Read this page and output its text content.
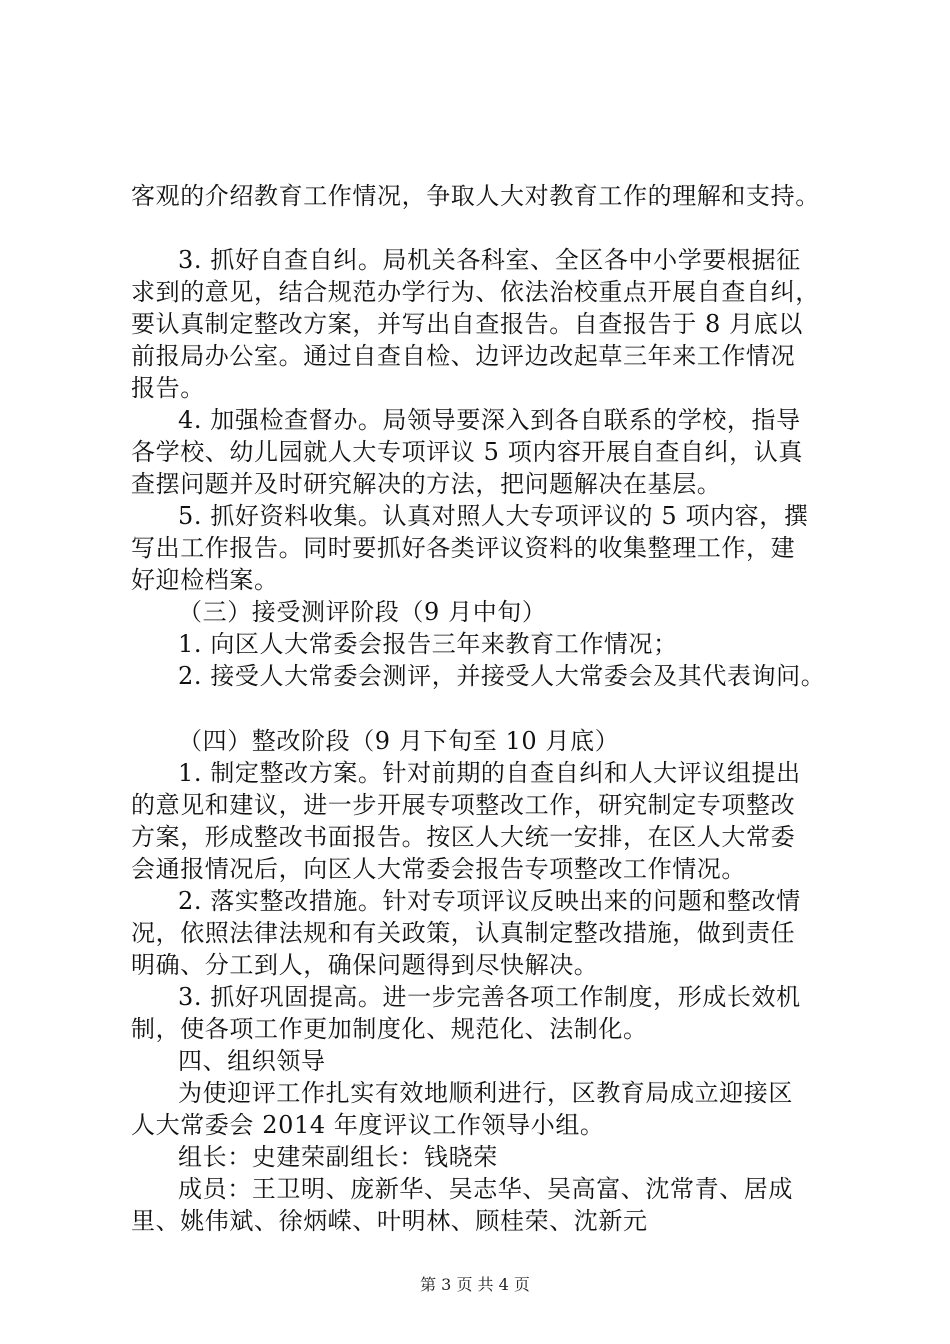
客观的介绍教育工作情况，争取人大对教育工作的理解和支持。
3. 抓好自查自纠。局机关各科室、全区各中小学要根据征
求到的意见，结合规范办学行为、依法治校重点开展自查自纠，
要认真制定整改方案，并写出自查报告。自查报告于 8 月底以
前报局办公室。通过自查自检、边评边改起草三年来工作情况
报告。
4. 加强检查督办。局领导要深入到各自联系的学校，指导
各学校、幼儿园就人大专项评议 5 项内容开展自查自纠，认真
查摆问题并及时研究解决的方法，把问题解决在基层。
5. 抓好资料收集。认真对照人大专项评议的 5 项内容，撰
写出工作报告。同时要抓好各类评议资料的收集整理工作，建
好迎检档案。
（三）接受测评阶段（9 月中旬）
1. 向区人大常委会报告三年来教育工作情况；
2. 接受人大常委会测评，并接受人大常委会及其代表询问。
（四）整改阶段（9 月下旬至 10 月底）
1. 制定整改方案。针对前期的自查自纠和人大评议组提出
的意见和建议，进一步开展专项整改工作，研究制定专项整改
方案，形成整改书面报告。按区人大统一安排，在区人大常委
会通报情况后，向区人大常委会报告专项整改工作情况。
2. 落实整改措施。针对专项评议反映出来的问题和整改情
况，依照法律法规和有关政策，认真制定整改措施，做到责任
明确、分工到人，确保问题得到尽快解决。
3. 抓好巩固提高。进一步完善各项工作制度，形成长效机
制，使各项工作更加制度化、规范化、法制化。
四、组织领导
为使迎评工作扎实有效地顺利进行，区教育局成立迎接区
人大常委会 2014 年度评议工作领导小组。
组长：史建荣副组长：钱晓荣
成员：王卫明、庞新华、吴志华、吴高富、沈常青、居成
里、姚伟斌、徐炳嵘、叶明林、顾桂荣、沈新元
第 3 页 共 4 页
